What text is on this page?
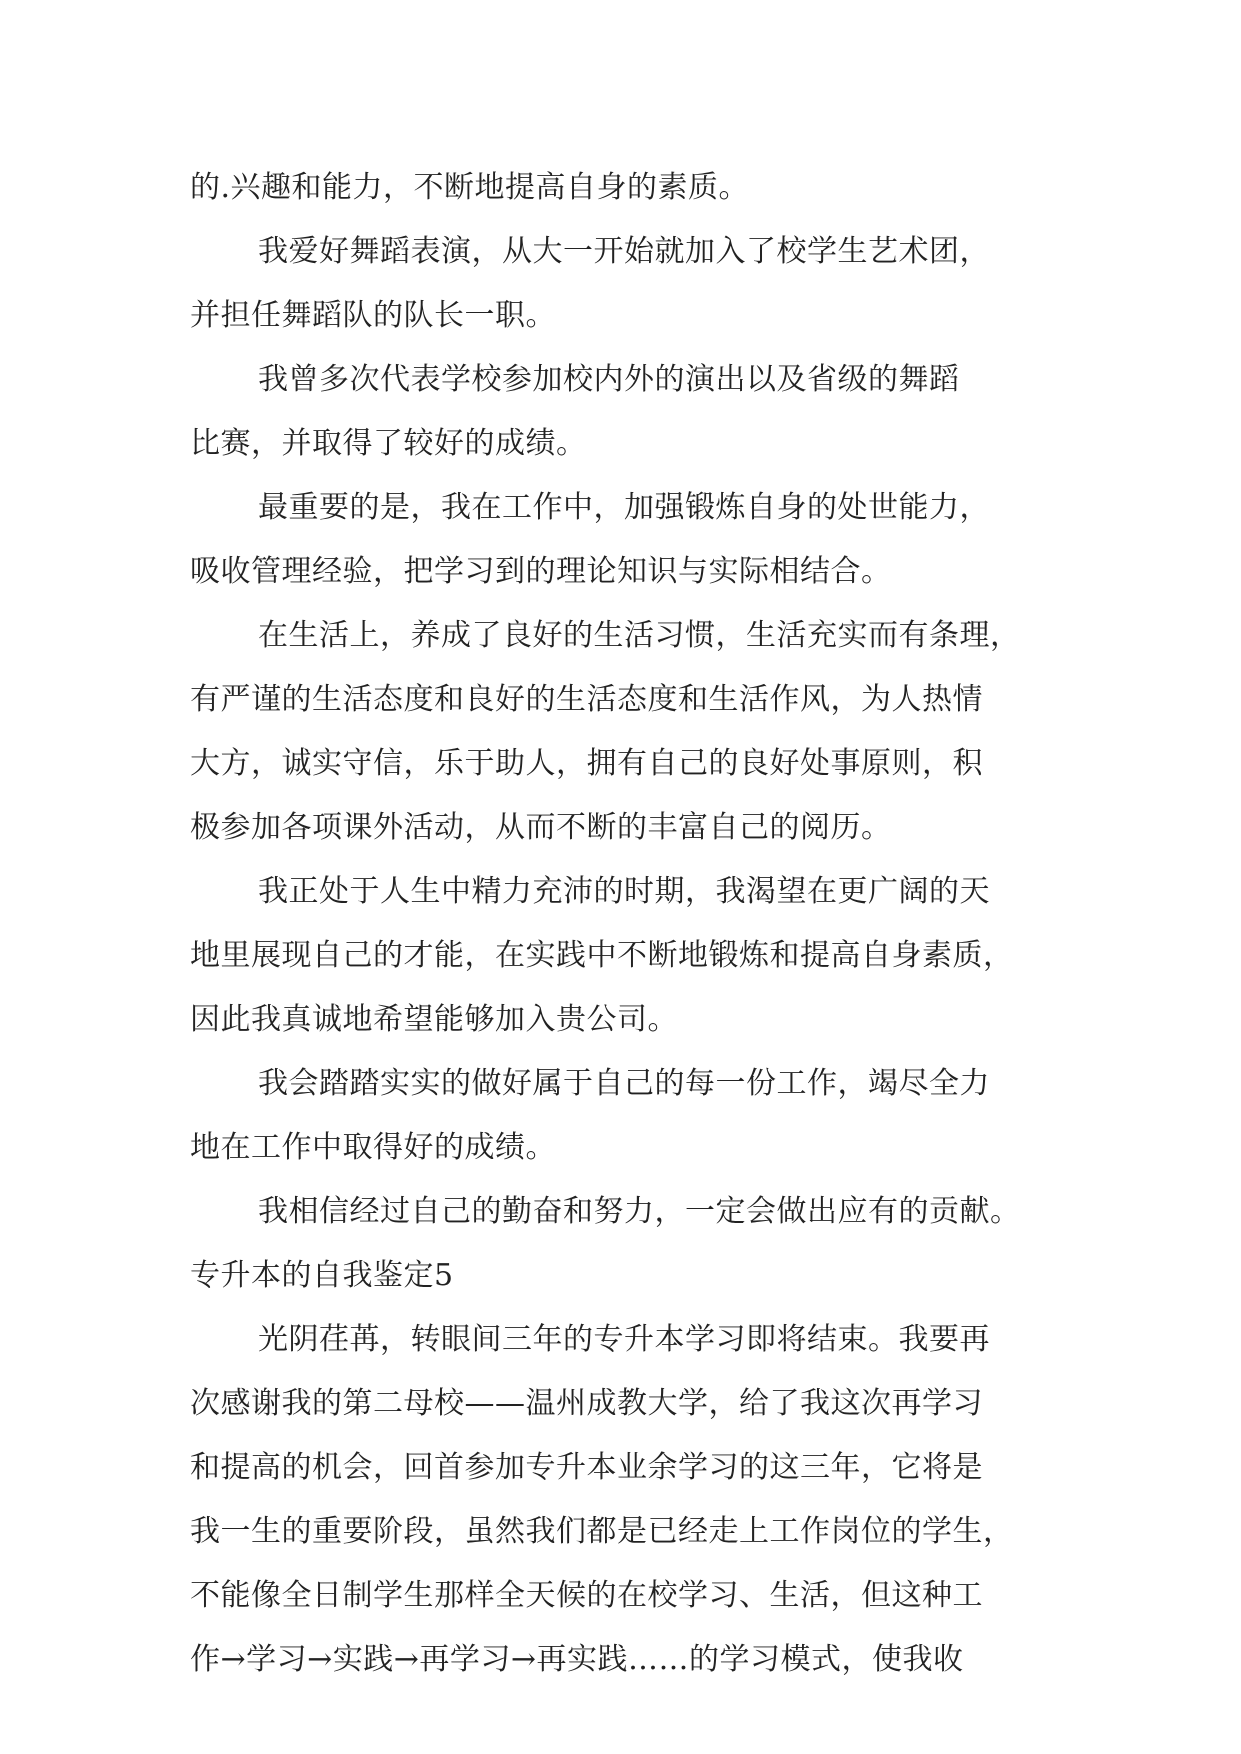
的.兴趣和能力，不断地提高自身的素质。
我爱好舞蹈表演，从大一开始就加入了校学生艺术团，
并担任舞蹈队的队长一职。
我曾多次代表学校参加校内外的演出以及省级的舞蹈
比赛，并取得了较好的成绩。
最重要的是，我在工作中，加强锻炼自身的处世能力，
吸收管理经验，把学习到的理论知识与实际相结合。
在生活上，养成了良好的生活习惯，生活充实而有条理，
有严谨的生活态度和良好的生活态度和生活作风，为人热情
大方，诚实守信，乐于助人，拥有自己的良好处事原则，积
极参加各项课外活动，从而不断的丰富自己的阅历。
我正处于人生中精力充沛的时期，我渴望在更广阔的天
地里展现自己的才能，在实践中不断地锻炼和提高自身素质，
因此我真诚地希望能够加入贵公司。
我会踏踏实实的做好属于自己的每一份工作，竭尽全力
地在工作中取得好的成绩。
我相信经过自己的勤奋和努力，一定会做出应有的贡献。
专升本的自我鉴定5
光阴荏苒，转眼间三年的专升本学习即将结束。我要再
次感谢我的第二母校——温州成教大学，给了我这次再学习
和提高的机会，回首参加专升本业余学习的这三年，它将是
我一生的重要阶段，虽然我们都是已经走上工作岗位的学生，
不能像全日制学生那样全天候的在校学习、生活，但这种工
作→学习→实践→再学习→再实践……的学习模式，使我收
